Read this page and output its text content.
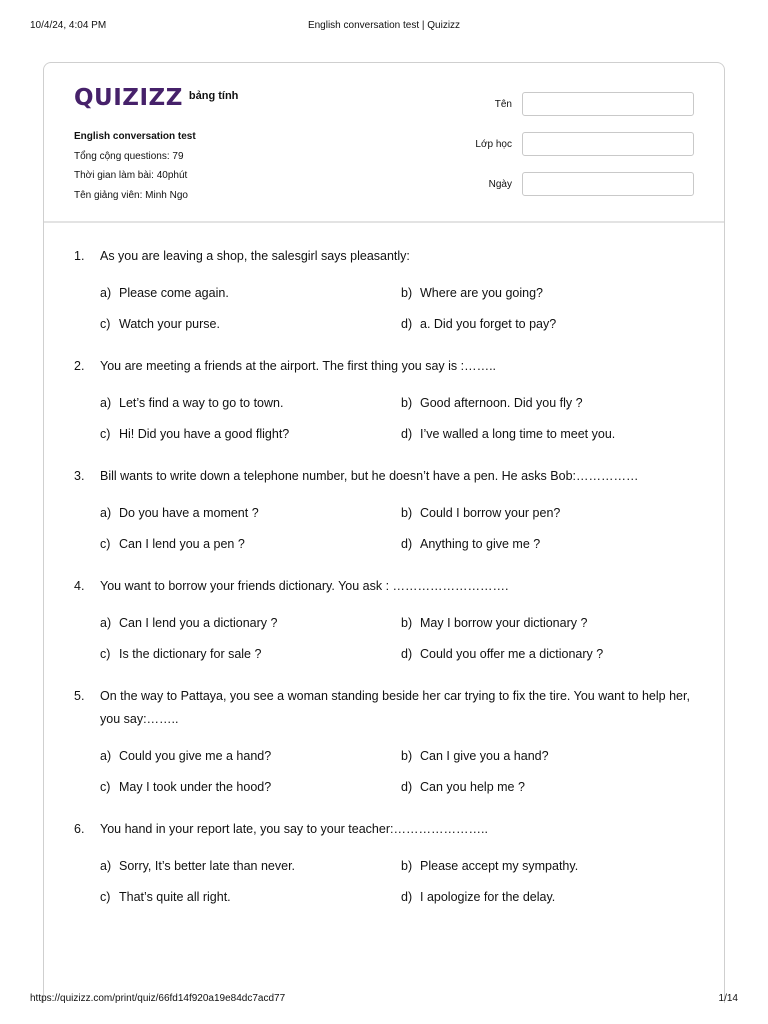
10/4/24, 4:04 PM	English conversation test | Quizizz
QUIZIZZ bảng tính
English conversation test
Tổng cộng questions: 79
Thời gian làm bài: 40phút
Tên giảng viên: Minh Ngo
Tên
Lớp học
Ngày
1.	As you are leaving a shop, the salesgirl says pleasantly:
a) Please come again.	b) Where are you going?
c) Watch your purse.	d) a. Did you forget to pay?
2.	You are meeting a friends at the airport. The first thing you say is :……..
a) Let’s find a way to go to town.	b) Good afternoon. Did you fly ?
c) Hi! Did you have a good flight?	d) I’ve walled a long time to meet you.
3.	Bill wants to write down a telephone number, but he doesn’t have a pen. He asks Bob:……………
a) Do you have a moment ?	b) Could I borrow your pen?
c) Can I lend you a pen ?	d) Anything to give me ?
4.	You want to borrow your friends dictionary. You ask : ……………………….
a) Can I lend you a dictionary ?	b) May I borrow your dictionary ?
c) Is the dictionary for sale ?	d) Could you offer me a dictionary ?
5.	On the way to Pattaya, you see a woman standing beside her car trying to fix the tire. You want to help her, you say:……..
a) Could you give me a hand?	b) Can I give you a hand?
c) May I took under the hood?	d) Can you help me ?
6.	You hand in your report late, you say to your teacher:…………………..
a) Sorry, It’s better late than never.	b) Please accept my sympathy.
c) That’s quite all right.	d) I apologize for the delay.
https://quizizz.com/print/quiz/66fd14f920a19e84dc7acd77	1/14
